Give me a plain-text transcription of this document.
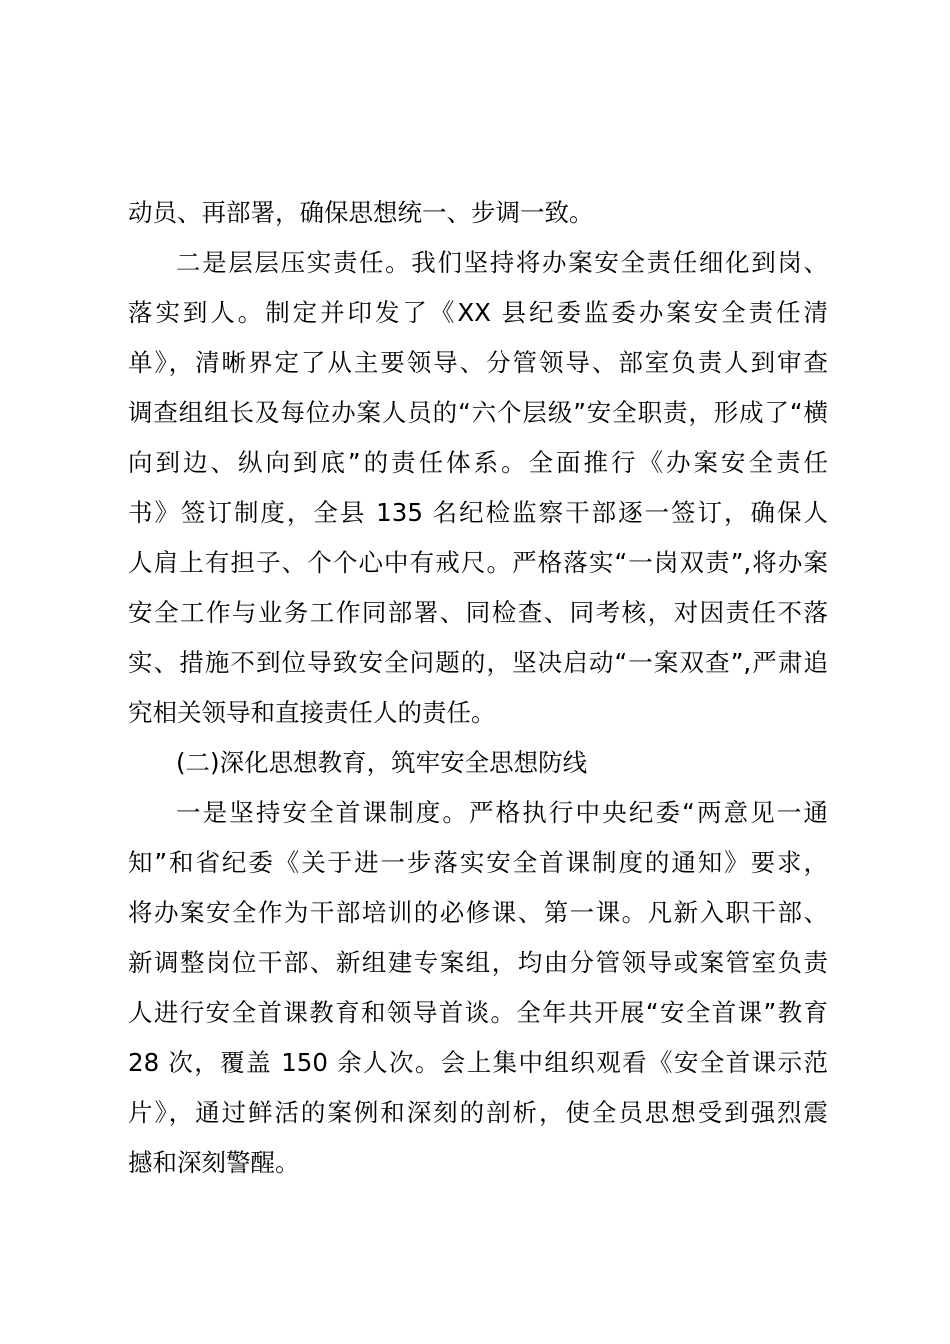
动员、再部署，确保思想统一、步调一致。
二是层层压实责任。我们坚持将办案安全责任细化到岗、
落实到人。制定并印发了《XX 县纪委监委办案安全责任清
单》，清晰界定了从主要领导、分管领导、部室负责人到审查
调查组组长及每位办案人员的“六个层级”安全职责，形成了“横
向到边、纵向到底”的责任体系。全面推行《办案安全责任
书》签订制度，全县 135 名纪检监察干部逐一签订，确保人
人肩上有担子、个个心中有戒尺。严格落实“一岗双责”,将办案
安全工作与业务工作同部署、同检查、同考核，对因责任不落
实、措施不到位导致安全问题的，坚决启动“一案双查”,严肃追
究相关领导和直接责任人的责任。
(二)深化思想教育，筑牢安全思想防线
一是坚持安全首课制度。严格执行中央纪委“两意见一通
知”和省纪委《关于进一步落实安全首课制度的通知》要求，
将办案安全作为干部培训的必修课、第一课。凡新入职干部、
新调整岗位干部、新组建专案组，均由分管领导或案管室负责
人进行安全首课教育和领导首谈。全年共开展“安全首课”教育
28 次，覆盖 150 余人次。会上集中组织观看《安全首课示范
片》，通过鲜活的案例和深刻的剖析，使全员思想受到强烈震
撼和深刻警醒。
